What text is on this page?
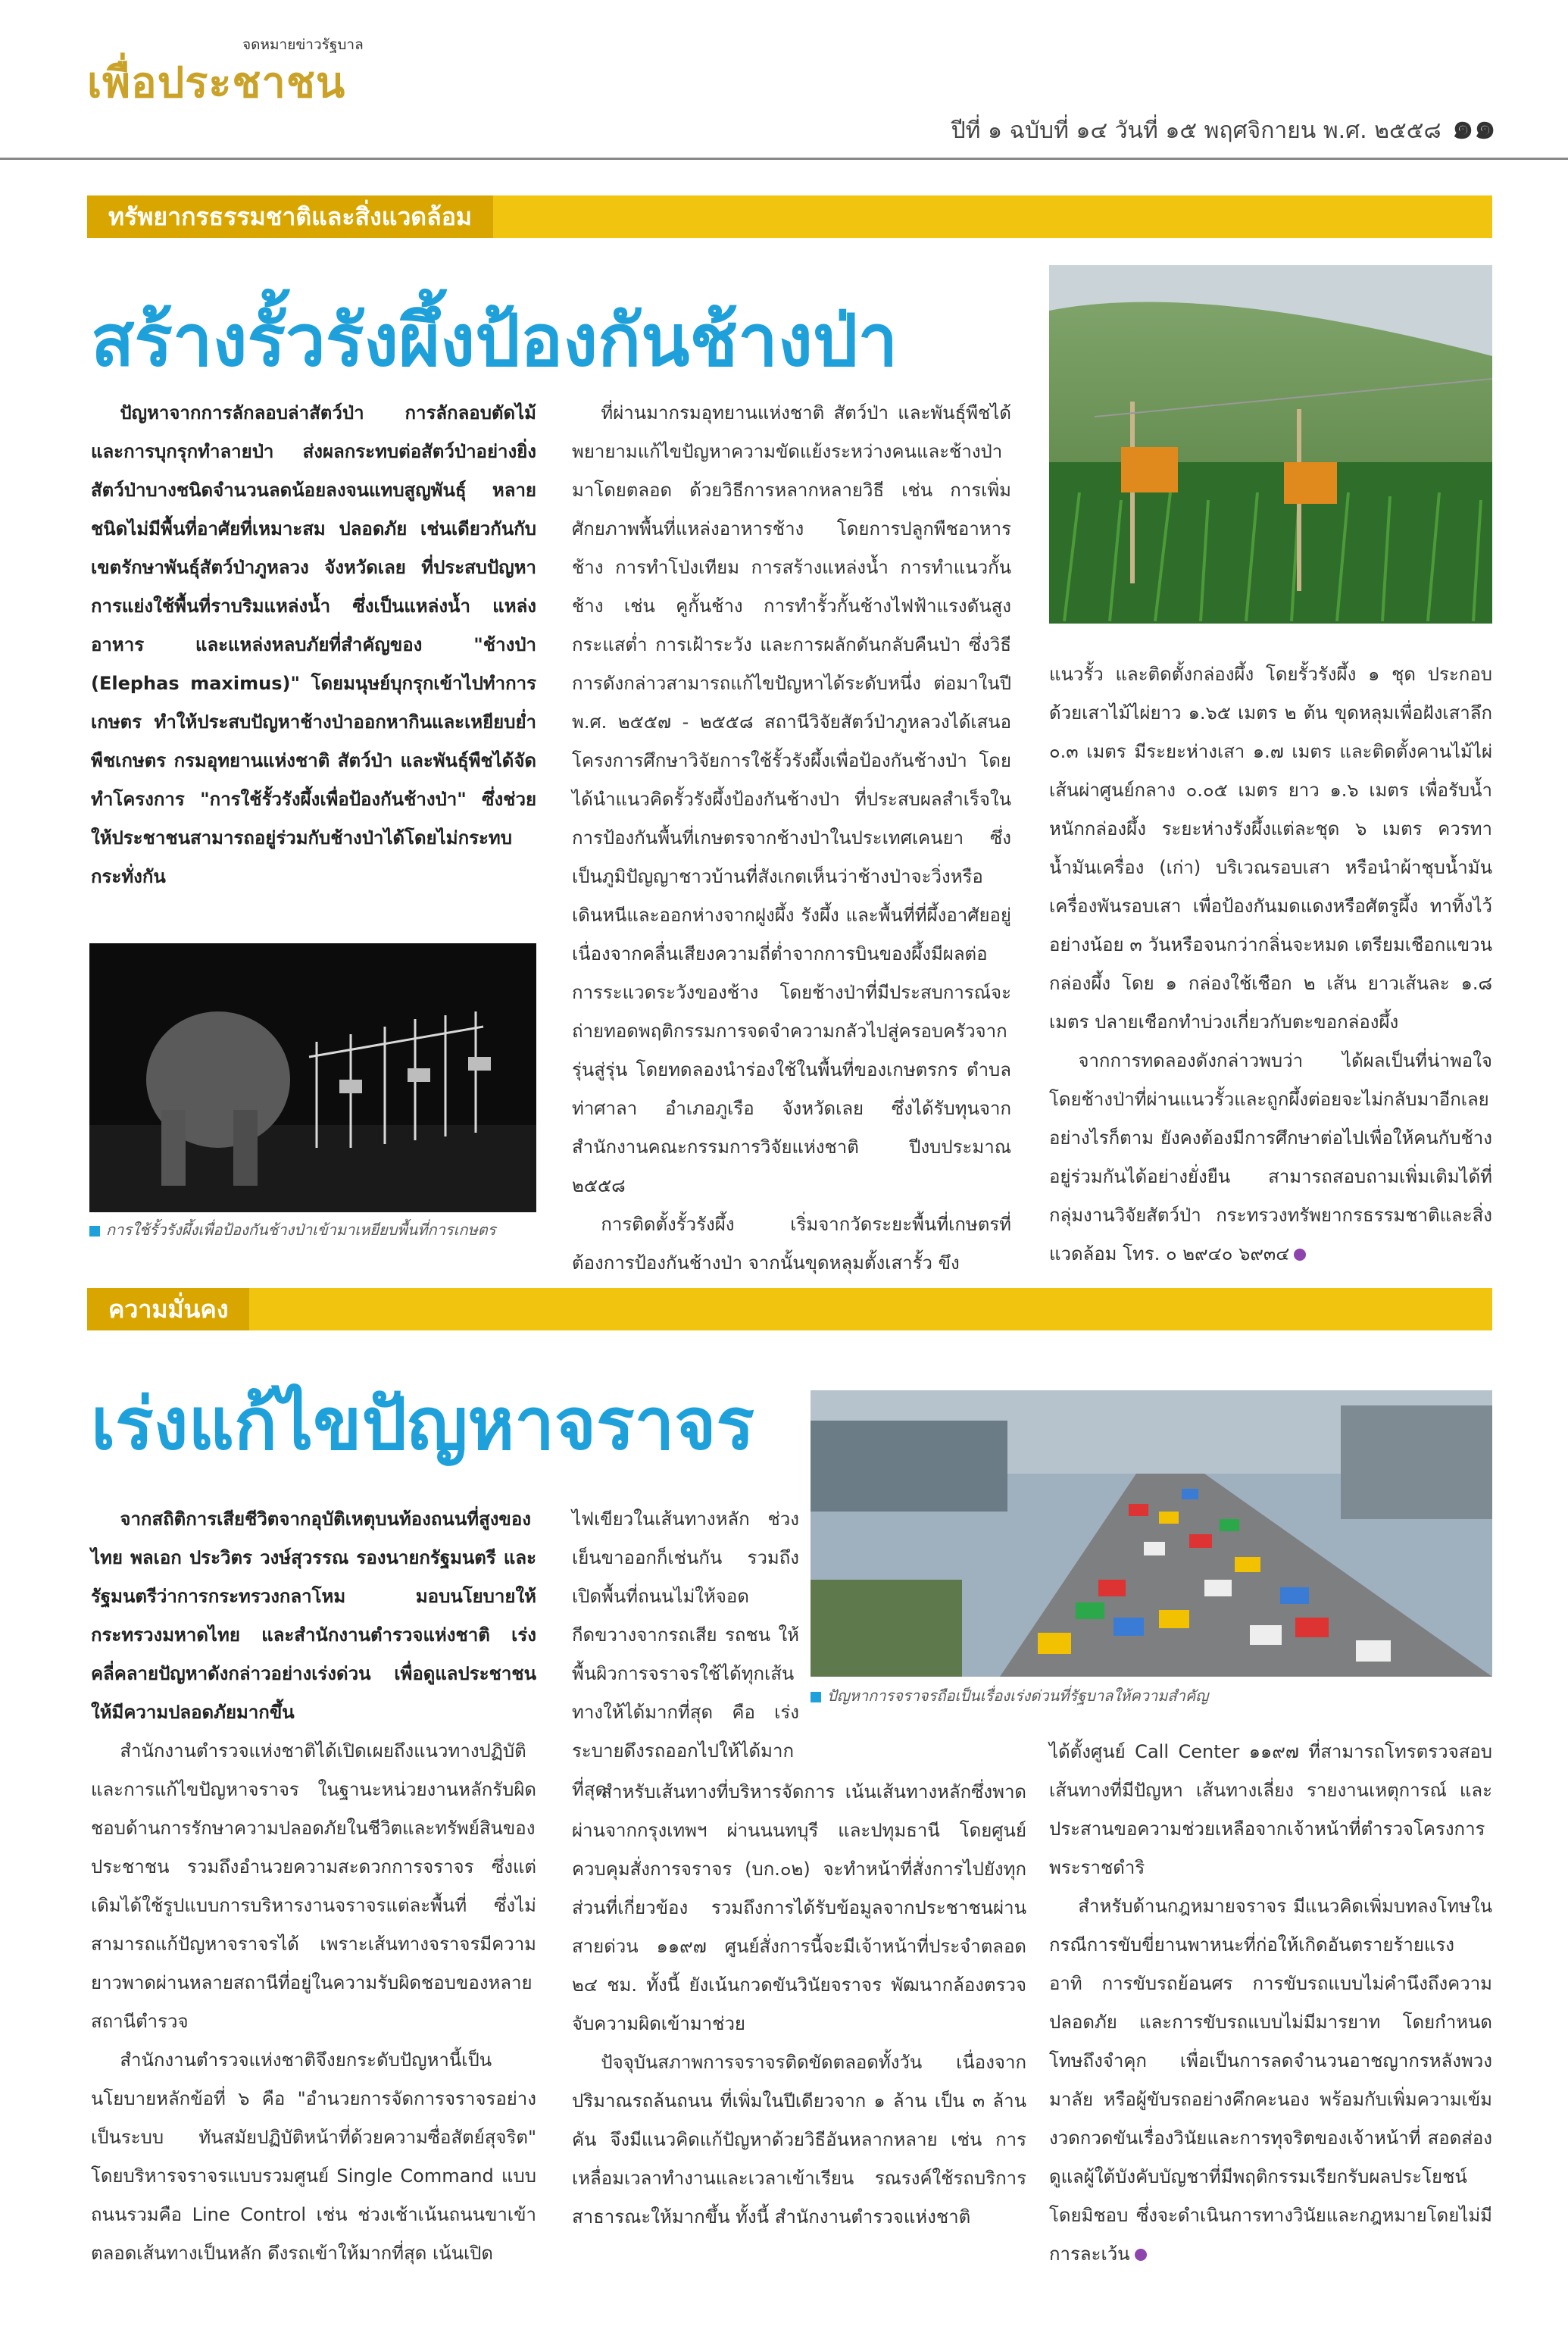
จดหมายข่าวรัฐบาล
เพื่อประชาชน
ปีที่ ๑ ฉบับที่ ๑๔ วันที่ ๑๕ พฤศจิกายน พ.ศ. ๒๕๕๘ ๑๑
ทรัพยากรธรรมชาติและสิ่งแวดล้อม
สร้างรั้วรังผึ้งป้องกันช้างป่า

ปัญหาจากการลักลอบล่าสัตว์ป่า การลักลอบตัดไม้ และการบุกรุกทำลายป่า ส่งผลกระทบต่อสัตว์ป่าอย่างยิ่ง สัตว์ป่าบางชนิดจำนวนลดน้อยลงจนแทบสูญพันธุ์ หลายชนิดไม่มีพื้นที่อาศัยที่เหมาะสม ปลอดภัย เช่นเดียวกันกับเขตรักษาพันธุ์สัตว์ป่าภูหลวง จังหวัดเลย ที่ประสบปัญหาการแย่งใช้พื้นที่ราบริมแหล่งน้ำ ซึ่งเป็นแหล่งน้ำ แหล่งอาหาร และแหล่งหลบภัยที่สำคัญของ "ช้างป่า (Elephas maximus)" โดยมนุษย์บุกรุกเข้าไปทำการเกษตร ทำให้ประสบปัญหาช้างป่าออกหากินและเหยียบย่ำพืชเกษตร กรมอุทยานแห่งชาติ สัตว์ป่า และพันธุ์พืชได้จัดทำโครงการ "การใช้รั้วรังผึ้งเพื่อป้องกันช้างป่า" ซึ่งช่วยให้ประชาชนสามารถอยู่ร่วมกับช้างป่าได้โดยไม่กระทบกระทั่งกัน

การใช้รั้วรังผึ้งเพื่อป้องกันช้างป่าเข้ามาเหยียบพื้นที่การเกษตร

ที่ผ่านมากรมอุทยานแห่งชาติ สัตว์ป่า และพันธุ์พืชได้พยายามแก้ไขปัญหาความขัดแย้งระหว่างคนและช้างป่ามาโดยตลอด ด้วยวิธีการหลากหลายวิธี เช่น การเพิ่มศักยภาพพื้นที่แหล่งอาหารช้าง โดยการปลูกพืชอาหารช้าง การทำโป่งเทียม การสร้างแหล่งน้ำ การทำแนวกั้นช้าง เช่น คูกั้นช้าง การทำรั้วกั้นช้างไฟฟ้าแรงดันสูงกระแสต่ำ การเฝ้าระวัง และการผลักดันกลับคืนป่า ซึ่งวิธีการดังกล่าวสามารถแก้ไขปัญหาได้ระดับหนึ่ง ต่อมาในปี พ.ศ. ๒๕๕๗ - ๒๕๕๘ สถานีวิจัยสัตว์ป่าภูหลวงได้เสนอโครงการศึกษาวิจัยการใช้รั้วรังผึ้งเพื่อป้องกันช้างป่า โดยได้นำแนวคิดรั้วรังผึ้งป้องกันช้างป่า ที่ประสบผลสำเร็จในการป้องกันพื้นที่เกษตรจากช้างป่าในประเทศเคนยา ซึ่งเป็นภูมิปัญญาชาวบ้านที่สังเกตเห็นว่าช้างป่าจะวิ่งหรือเดินหนีและออกห่างจากฝูงผึ้ง รังผึ้ง และพื้นที่ที่ผึ้งอาศัยอยู่ เนื่องจากคลื่นเสียงความถี่ต่ำจากการบินของผึ้งมีผลต่อการระแวดระวังของช้าง โดยช้างป่าที่มีประสบการณ์จะถ่ายทอดพฤติกรรมการจดจำความกลัวไปสู่ครอบครัวจากรุ่นสู่รุ่น โดยทดลองนำร่องใช้ในพื้นที่ของเกษตรกร ตำบลท่าศาลา อำเภอภูเรือ จังหวัดเลย ซึ่งได้รับทุนจากสำนักงานคณะกรรมการวิจัยแห่งชาติ ปีงบประมาณ ๒๕๕๘

การติดตั้งรั้วรังผึ้ง เริ่มจากวัดระยะพื้นที่เกษตรที่ต้องการป้องกันช้างป่า จากนั้นขุดหลุมตั้งเสารั้ว ขึง

แนวรั้ว และติดตั้งกล่องผึ้ง โดยรั้วรังผึ้ง ๑ ชุด ประกอบด้วยเสาไม้ไผ่ยาว ๑.๖๕ เมตร ๒ ต้น ขุดหลุมเพื่อฝังเสาลึก ๐.๓ เมตร มีระยะห่างเสา ๑.๗ เมตร และติดตั้งคานไม้ไผ่เส้นผ่าศูนย์กลาง ๐.๐๕ เมตร ยาว ๑.๖ เมตร เพื่อรับน้ำหนักกล่องผึ้ง ระยะห่างรังผึ้งแต่ละชุด ๖ เมตร ควรทาน้ำมันเครื่อง (เก่า) บริเวณรอบเสา หรือนำผ้าชุบน้ำมันเครื่องพันรอบเสา เพื่อป้องกันมดแดงหรือศัตรูผึ้ง ทาทิ้งไว้อย่างน้อย ๓ วันหรือจนกว่ากลิ่นจะหมด เตรียมเชือกแขวนกล่องผึ้ง โดย ๑ กล่องใช้เชือก ๒ เส้น ยาวเส้นละ ๑.๘ เมตร ปลายเชือกทำบ่วงเกี่ยวกับตะขอกล่องผึ้ง

จากการทดลองดังกล่าวพบว่า ได้ผลเป็นที่น่าพอใจ โดยช้างป่าที่ผ่านแนวรั้วและถูกผึ้งต่อยจะไม่กลับมาอีกเลย อย่างไรก็ตาม ยังคงต้องมีการศึกษาต่อไปเพื่อให้คนกับช้างอยู่ร่วมกันได้อย่างยั่งยืน สามารถสอบถามเพิ่มเติมได้ที่ กลุ่มงานวิจัยสัตว์ป่า กระทรวงทรัพยากรธรรมชาติและสิ่งแวดล้อม โทร. ๐ ๒๙๔๐ ๖๙๓๔

ความมั่นคง
เร่งแก้ไขปัญหาจราจร

จากสถิติการเสียชีวิตจากอุบัติเหตุบนท้องถนนที่สูงของไทย พลเอก ประวิตร วงษ์สุวรรณ รองนายกรัฐมนตรี และรัฐมนตรีว่าการกระทรวงกลาโหม มอบนโยบายให้กระทรวงมหาดไทย และสำนักงานตำรวจแห่งชาติ เร่งคลี่คลายปัญหาดังกล่าวอย่างเร่งด่วน เพื่อดูแลประชาชนให้มีความปลอดภัยมากขึ้น

สำนักงานตำรวจแห่งชาติได้เปิดเผยถึงแนวทางปฏิบัติและการแก้ไขปัญหาจราจร ในฐานะหน่วยงานหลักรับผิดชอบด้านการรักษาความปลอดภัยในชีวิตและทรัพย์สินของประชาชน รวมถึงอำนวยความสะดวกการจราจร ซึ่งแต่เดิมได้ใช้รูปแบบการบริหารงานจราจรแต่ละพื้นที่ ซึ่งไม่สามารถแก้ปัญหาจราจรได้ เพราะเส้นทางจราจรมีความยาวพาดผ่านหลายสถานีที่อยู่ในความรับผิดชอบของหลายสถานีตำรวจ

สำนักงานตำรวจแห่งชาติจึงยกระดับปัญหานี้เป็นนโยบายหลักข้อที่ ๖ คือ "อำนวยการจัดการจราจรอย่างเป็นระบบ ทันสมัยปฏิบัติหน้าที่ด้วยความซื่อสัตย์สุจริต" โดยบริหารจราจรแบบรวมศูนย์ Single Command แบบถนนรวมคือ Line Control เช่น ช่วงเช้าเน้นถนนขาเข้าตลอดเส้นทางเป็นหลัก ดึงรถเข้าให้มากที่สุด เน้นเปิด

ไฟเขียวในเส้นทางหลัก ช่วงเย็นขาออกก็เช่นกัน รวมถึงเปิดพื้นที่ถนนไม่ให้จอดกีดขวางจากรถเสีย รถชน ให้พื้นผิวการจราจรใช้ได้ทุกเส้นทางให้ได้มากที่สุด คือ เร่งระบายดึงรถออกไปให้ได้มากที่สุด

ปัญหาการจราจรถือเป็นเรื่องเร่งด่วนที่รัฐบาลให้ความสำคัญ

สำหรับเส้นทางที่บริหารจัดการ เน้นเส้นทางหลักซึ่งพาดผ่านจากกรุงเทพฯ ผ่านนนทบุรี และปทุมธานี โดยศูนย์ควบคุมสั่งการจราจร (บก.๐๒) จะทำหน้าที่สั่งการไปยังทุกส่วนที่เกี่ยวข้อง รวมถึงการได้รับข้อมูลจากประชาชนผ่านสายด่วน ๑๑๙๗ ศูนย์สั่งการนี้จะมีเจ้าหน้าที่ประจำตลอด ๒๔ ชม. ทั้งนี้ ยังเน้นกวดขันวินัยจราจร พัฒนากล้องตรวจจับความผิดเข้ามาช่วย

ปัจจุบันสภาพการจราจรติดขัดตลอดทั้งวัน เนื่องจากปริมาณรถล้นถนน ที่เพิ่มในปีเดียวจาก ๑ ล้าน เป็น ๓ ล้านคัน จึงมีแนวคิดแก้ปัญหาด้วยวิธีอันหลากหลาย เช่น การเหลื่อมเวลาทำงานและเวลาเข้าเรียน รณรงค์ใช้รถบริการสาธารณะให้มากขึ้น ทั้งนี้ สำนักงานตำรวจแห่งชาติ

ได้ตั้งศูนย์ Call Center ๑๑๙๗ ที่สามารถโทรตรวจสอบเส้นทางที่มีปัญหา เส้นทางเลี่ยง รายงานเหตุการณ์ และประสานขอความช่วยเหลือจากเจ้าหน้าที่ตำรวจโครงการพระราชดำริ

สำหรับด้านกฎหมายจราจร มีแนวคิดเพิ่มบทลงโทษในกรณีการขับขี่ยานพาหนะที่ก่อให้เกิดอันตรายร้ายแรง อาทิ การขับรถย้อนศร การขับรถแบบไม่คำนึงถึงความปลอดภัย และการขับรถแบบไม่มีมารยาท โดยกำหนดโทษถึงจำคุก เพื่อเป็นการลดจำนวนอาชญากรหลังพวงมาลัย หรือผู้ขับรถอย่างคึกคะนอง พร้อมกับเพิ่มความเข้มงวดกวดขันเรื่องวินัยและการทุจริตของเจ้าหน้าที่ สอดส่องดูแลผู้ใต้บังคับบัญชาที่มีพฤติกรรมเรียกรับผลประโยชน์โดยมิชอบ ซึ่งจะดำเนินการทางวินัยและกฎหมายโดยไม่มีการละเว้น
